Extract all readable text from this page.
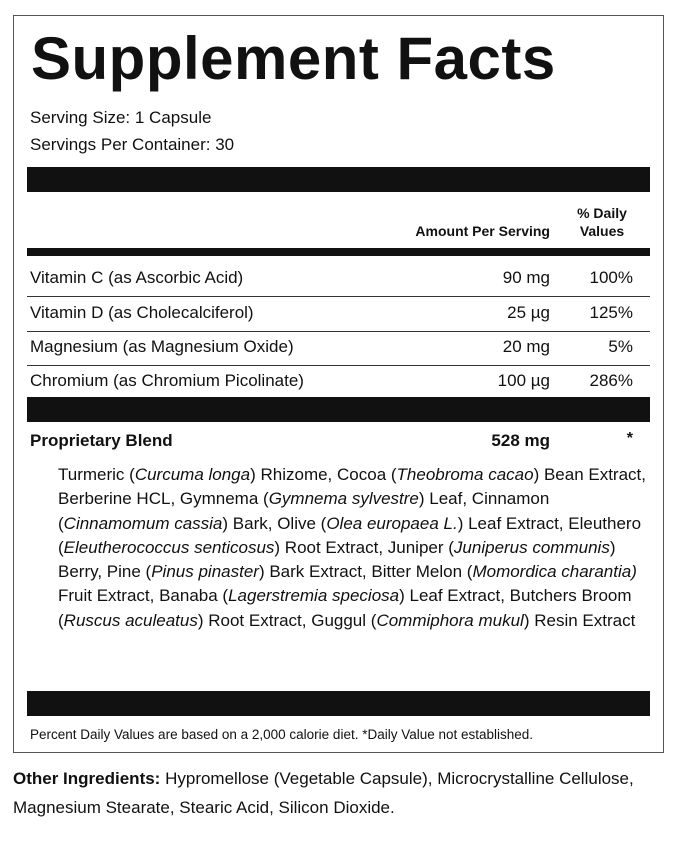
Supplement Facts
Serving Size: 1 Capsule
Servings Per Container: 30
Amount Per Serving
% Daily
Values
Vitamin C (as Ascorbic Acid)	90 mg 100%
Vitamin D (as Cholecalciferol)	25 µg 125%
Magnesium (as Magnesium Oxide)	20 mg	5%
Chromium (as Chromium Picolinate)	100 µg 286%
Proprietary Blend	528 mg	*
Turmeric (Curcuma longa) Rhizome, Cocoa (Theobroma cacao) Bean Extract, Berberine HCL, Gymnema (Gymnema sylvestre) Leaf, Cinnamon (Cinnamomum cassia) Bark, Olive (Olea europaea L.) Leaf Extract, Eleuthero (Eleutherococcus senticosus) Root Extract, Juniper (Juniperus communis) Berry, Pine (Pinus pinaster) Bark Extract, Bitter Melon (Momordica charantia) Fruit Extract, Banaba (Lagerstremia speciosa) Leaf Extract, Butchers Broom (Ruscus aculeatus) Root Extract, Guggul (Commiphora mukul) Resin Extract
Percent Daily Values are based on a 2,000 calorie diet. *Daily Value not established.
Other Ingredients: Hypromellose (Vegetable Capsule), Microcrystalline Cellulose, Magnesium Stearate, Stearic Acid, Silicon Dioxide.
